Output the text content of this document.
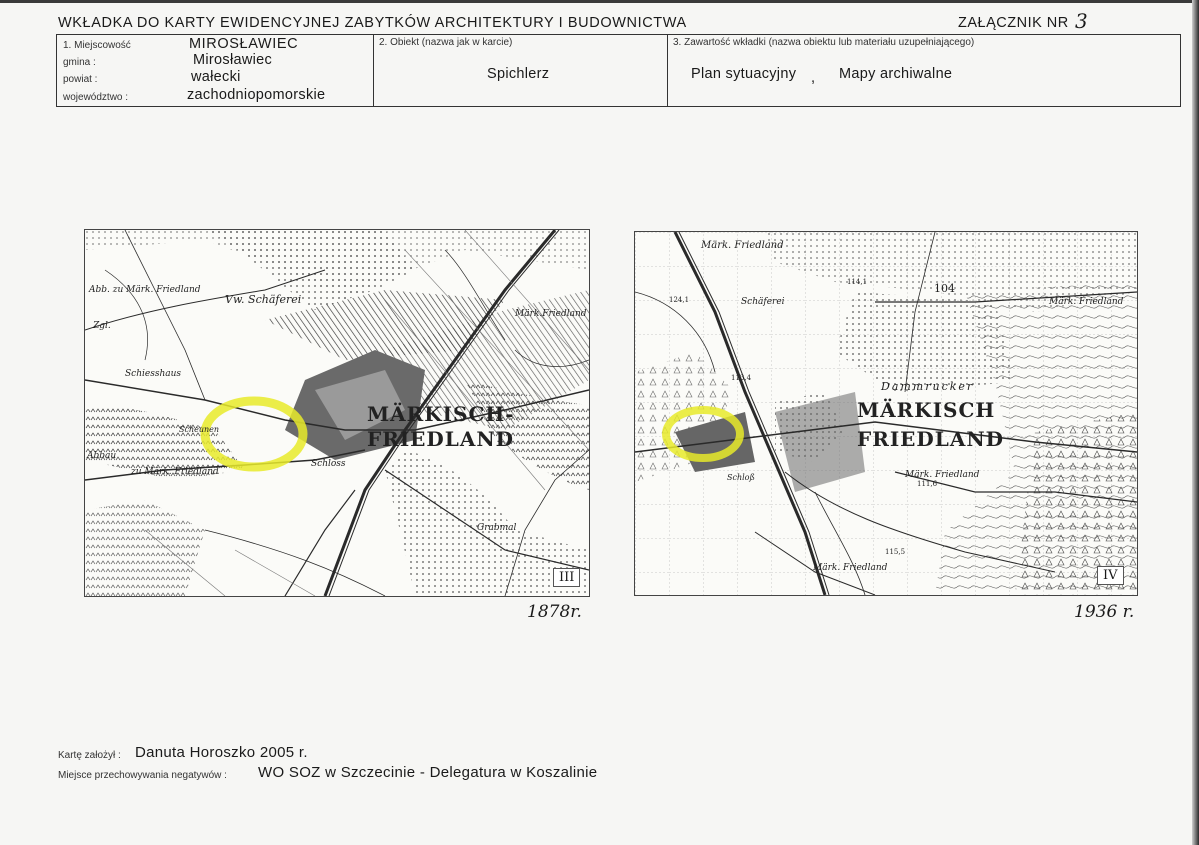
WKŁADKA DO KARTY EWIDENCYJNEJ ZABYTKÓW ARCHITEKTURY I BUDOWNICTWA	ZAŁĄCZNIK NR 3
1. Miejscowość	MIROSŁAWIEC
gmina :	Mirosławiec
powiat :	wałecki
województwo :	zachodniopomorskie
2. Obiekt (nazwa jak w karcie)
Spichlerz
3. Zawartość wkładki (nazwa obiektu lub materiału uzupełniającego)
Plan sytuacyjny , Mapy archiwalne
MÄRKISCH-
FRIEDLAND
Vw. Schäferei
Abb. zu Märk. Friedland
Schiesshaus
Scheunen
Abbau
zu Märk. Friedland
Schloss
Zgl.
Märk.Friedland
Grabmal
III
1878r.
MÄRKISCH
FRIEDLAND
Märk. Friedland
Schäferei
Dammrucker
Märk. Friedland
Märk. Friedland
Märk. Friedland
Schloß
104
124,1
114,1
113,4
115,5
111,6
IV
1936 r.
Kartę założył : Danuta Horoszko 2005 r.
Miejsce przechowywania negatywów : WO SOZ w Szczecinie - Delegatura w Koszalinie
